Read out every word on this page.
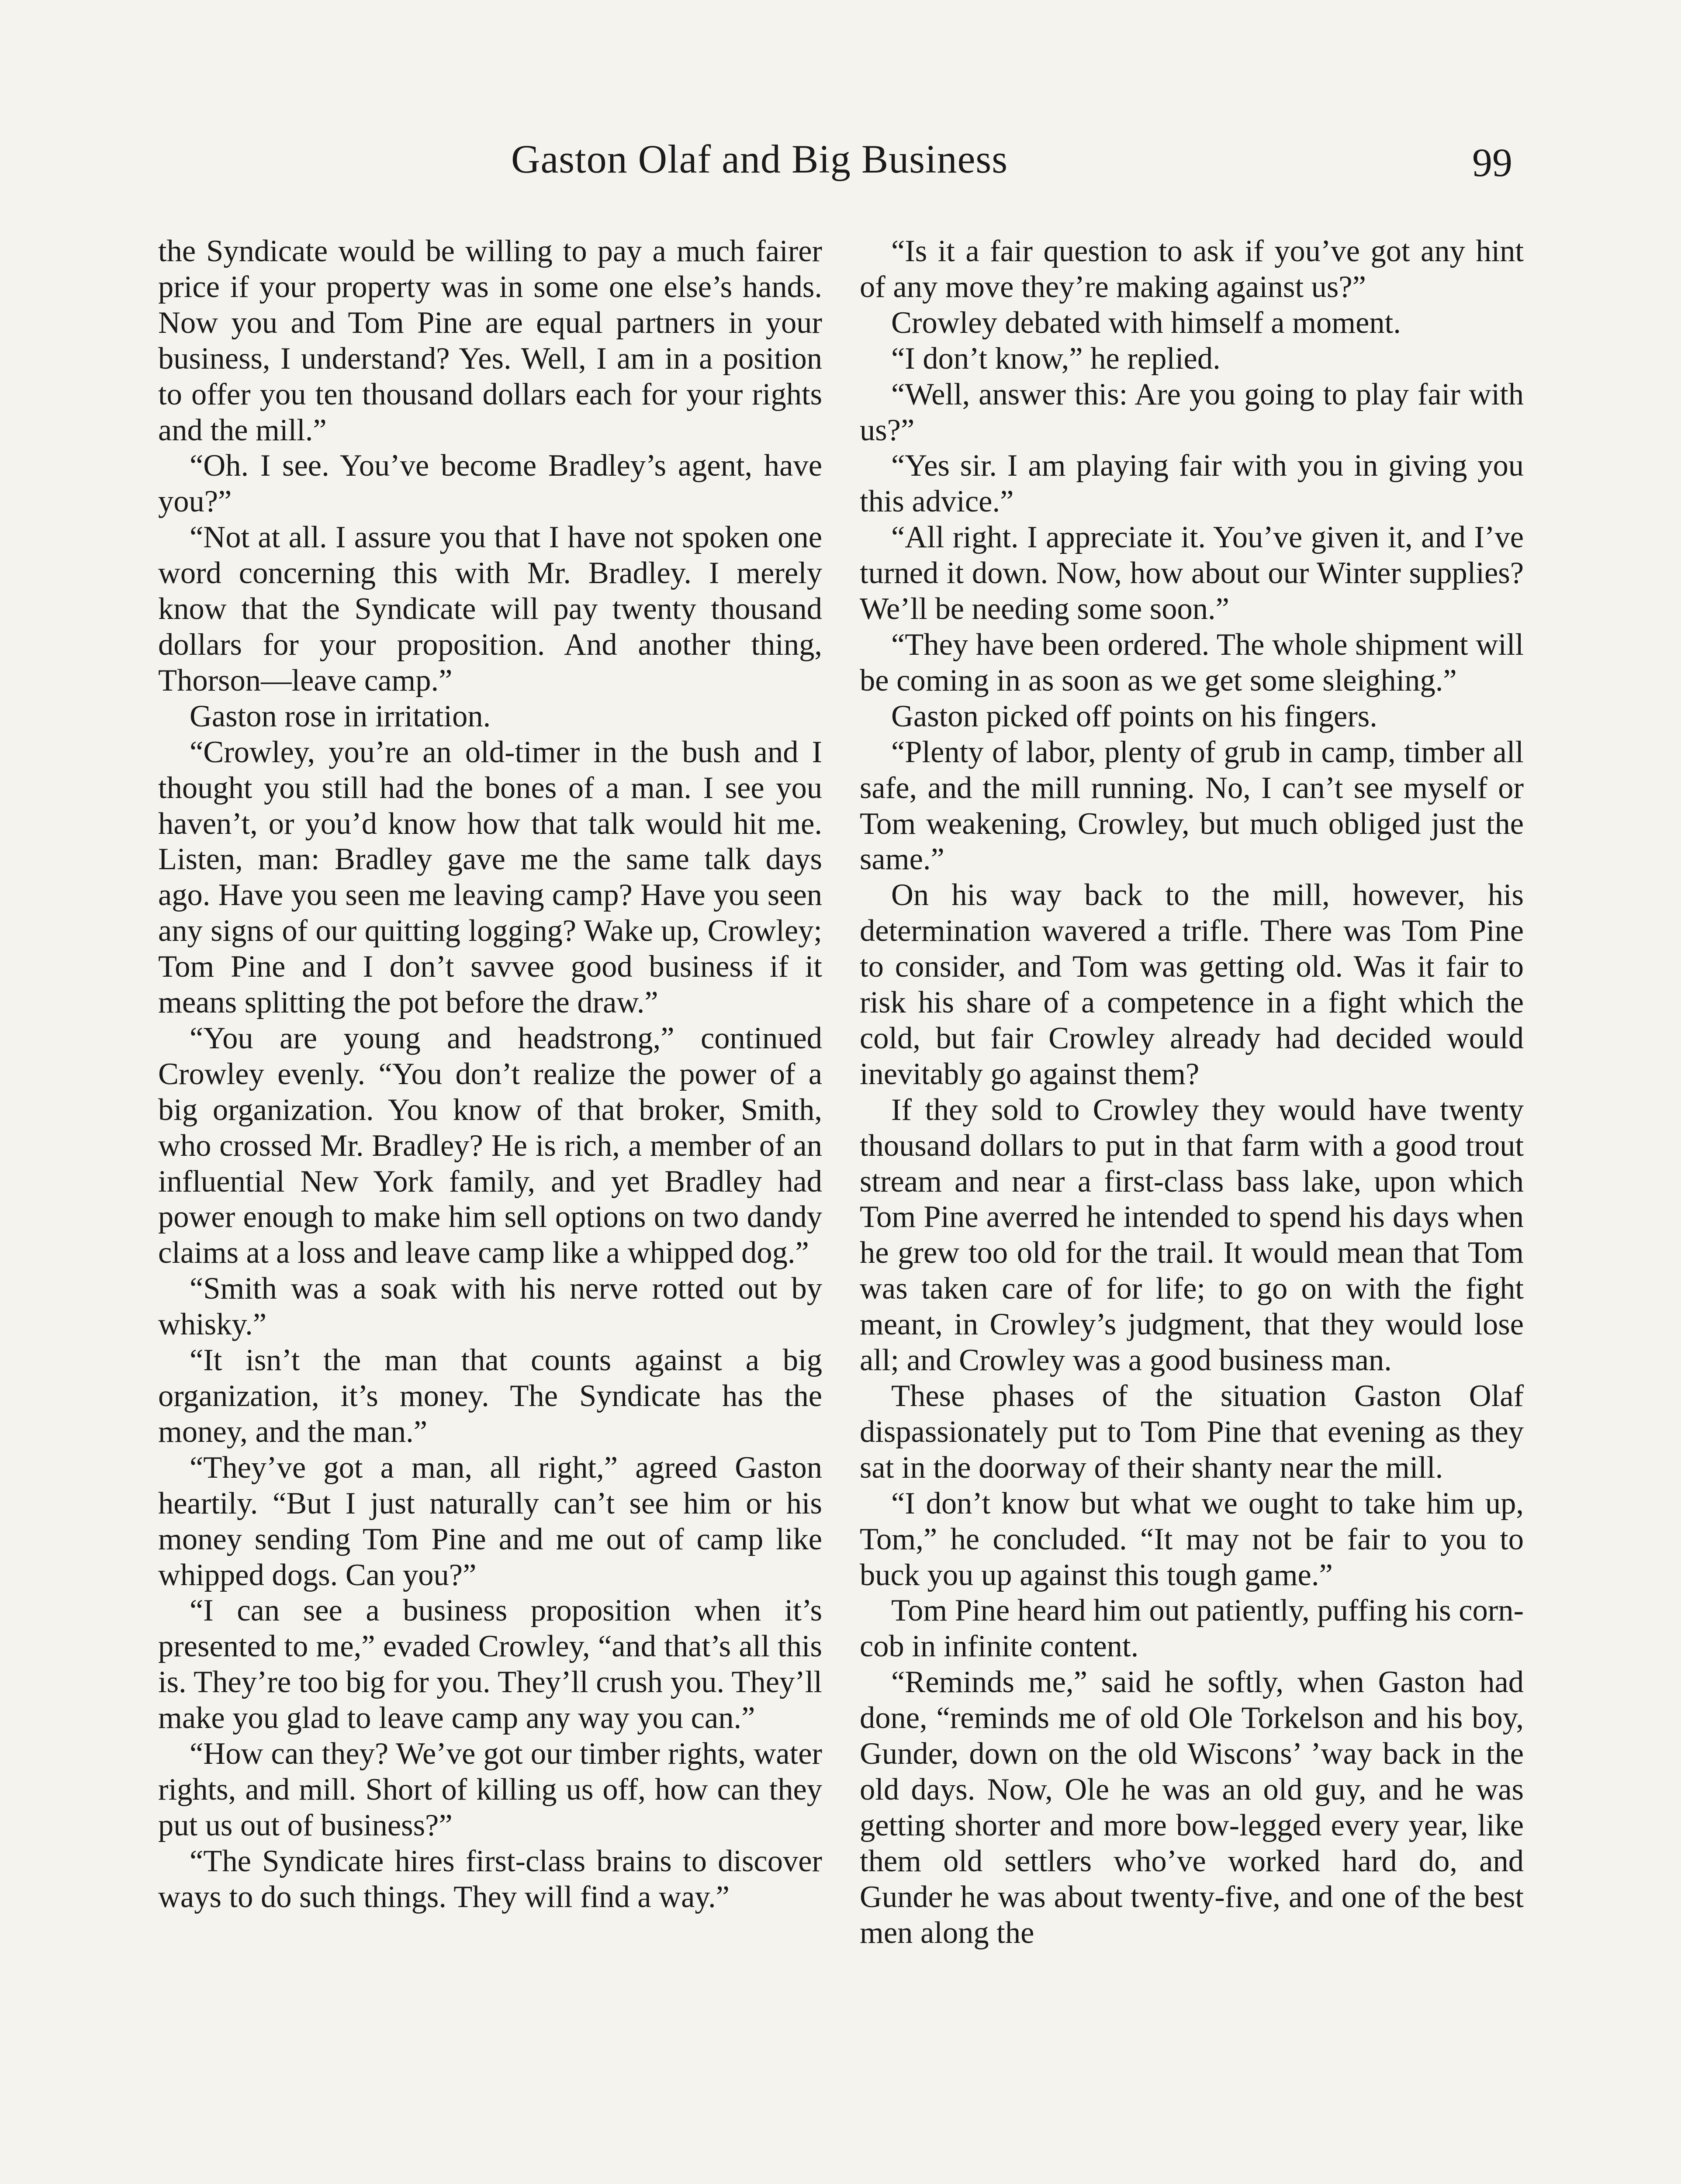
Gaston Olaf and Big Business	99

the Syndicate would be willing to pay a much fairer price if your property was in some one else’s hands. Now you and Tom Pine are equal partners in your business, I understand? Yes. Well, I am in a position to offer you ten thousand dollars each for your rights and the mill.”

“Oh. I see. You’ve become Bradley’s agent, have you?”

“Not at all. I assure you that I have not spoken one word concerning this with Mr. Bradley. I merely know that the Syndicate will pay twenty thousand dollars for your proposition. And another thing, Thorson—leave camp.”

Gaston rose in irritation.

“Crowley, you’re an old-timer in the bush and I thought you still had the bones of a man. I see you haven’t, or you’d know how that talk would hit me. Listen, man: Bradley gave me the same talk days ago. Have you seen me leaving camp? Have you seen any signs of our quitting logging? Wake up, Crowley; Tom Pine and I don’t savvee good business if it means splitting the pot before the draw.”

“You are young and headstrong,” continued Crowley evenly. “You don’t realize the power of a big organization. You know of that broker, Smith, who crossed Mr. Bradley? He is rich, a member of an influential New York family, and yet Bradley had power enough to make him sell options on two dandy claims at a loss and leave camp like a whipped dog.”

“Smith was a soak with his nerve rotted out by whisky.”

“It isn’t the man that counts against a big organization, it’s money. The Syndicate has the money, and the man.”

“They’ve got a man, all right,” agreed Gaston heartily. “But I just naturally can’t see him or his money sending Tom Pine and me out of camp like whipped dogs. Can you?”

“I can see a business proposition when it’s presented to me,” evaded Crowley, “and that’s all this is. They’re too big for you. They’ll crush you. They’ll make you glad to leave camp any way you can.”

“How can they? We’ve got our timber rights, water rights, and mill. Short of killing us off, how can they put us out of business?”

“The Syndicate hires first-class brains to discover ways to do such things. They will find a way.”

“Is it a fair question to ask if you’ve got any hint of any move they’re making against us?”

Crowley debated with himself a moment.

“I don’t know,” he replied.

“Well, answer this: Are you going to play fair with us?”

“Yes sir. I am playing fair with you in giving you this advice.”

“All right. I appreciate it. You’ve given it, and I’ve turned it down. Now, how about our Winter supplies? We’ll be needing some soon.”

“They have been ordered. The whole shipment will be coming in as soon as we get some sleighing.”

Gaston picked off points on his fingers.

“Plenty of labor, plenty of grub in camp, timber all safe, and the mill running. No, I can’t see myself or Tom weakening, Crowley, but much obliged just the same.”

On his way back to the mill, however, his determination wavered a trifle. There was Tom Pine to consider, and Tom was getting old. Was it fair to risk his share of a competence in a fight which the cold, but fair Crowley already had decided would inevitably go against them?

If they sold to Crowley they would have twenty thousand dollars to put in that farm with a good trout stream and near a first-class bass lake, upon which Tom Pine averred he intended to spend his days when he grew too old for the trail. It would mean that Tom was taken care of for life; to go on with the fight meant, in Crowley’s judgment, that they would lose all; and Crowley was a good business man.

These phases of the situation Gaston Olaf dispassionately put to Tom Pine that evening as they sat in the doorway of their shanty near the mill.

“I don’t know but what we ought to take him up, Tom,” he concluded. “It may not be fair to you to buck you up against this tough game.”

Tom Pine heard him out patiently, puffing his corn-cob in infinite content.

“Reminds me,” said he softly, when Gaston had done, “reminds me of old Ole Torkelson and his boy, Gunder, down on the old Wiscons’ ’way back in the old days. Now, Ole he was an old guy, and he was getting shorter and more bow-legged every year, like them old settlers who’ve worked hard do, and Gunder he was about twenty-five, and one of the best men along the
